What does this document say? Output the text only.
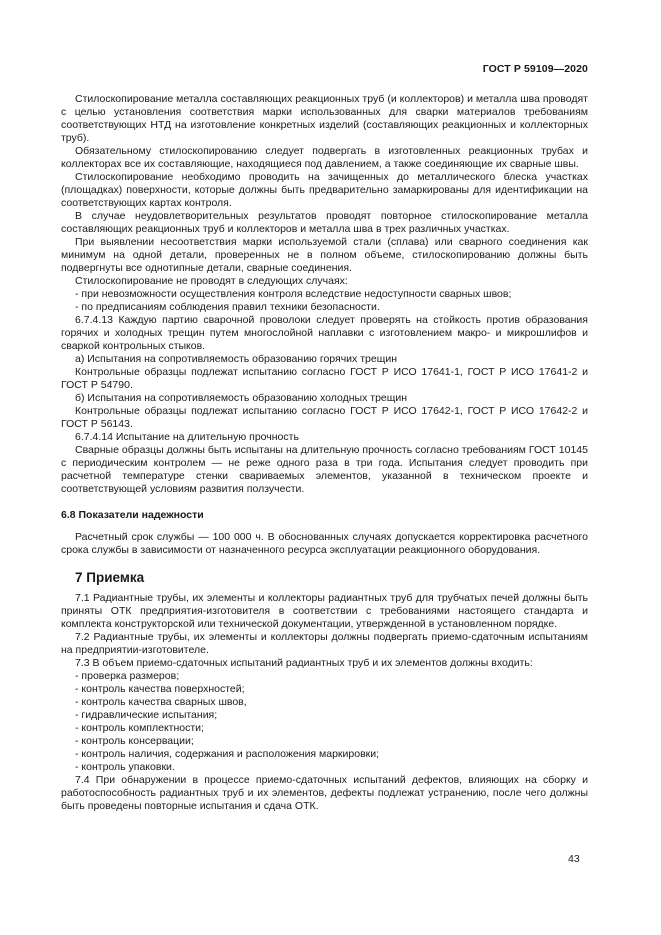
ГОСТ Р 59109—2020

Стилоскопирование металла составляющих реакционных труб (и коллекторов) и металла шва проводят с целью установления соответствия марки использованных для сварки материалов требованиям соответствующих НТД на изготовление конкретных изделий (составляющих реакционных и коллекторных труб).

Обязательному стилоскопированию следует подвергать в изготовленных реакционных трубах и коллекторах все их составляющие, находящиеся под давлением, а также соединяющие их сварные швы.

Стилоскопирование необходимо проводить на зачищенных до металлического блеска участках (площадках) поверхности, которые должны быть предварительно замаркированы для идентификации на соответствующих картах контроля.

В случае неудовлетворительных результатов проводят повторное стилоскопирование металла составляющих реакционных труб и коллекторов и металла шва в трех различных участках.

При выявлении несоответствия марки используемой стали (сплава) или сварного соединения как минимум на одной детали, проверенных не в полном объеме, стилоскопированию должны быть подвергнуты все однотипные детали, сварные соединения.

Стилоскопирование не проводят в следующих случаях:

- при невозможности осуществления контроля вследствие недоступности сварных швов;

- по предписаниям соблюдения правил техники безопасности.

6.7.4.13 Каждую партию сварочной проволоки следует проверять на стойкость против образования горячих и холодных трещин путем многослойной наплавки с изготовлением макро- и микрошлифов и сваркой контрольных стыков.

а) Испытания на сопротивляемость образованию горячих трещин

Контрольные образцы подлежат испытанию согласно ГОСТ Р ИСО 17641-1, ГОСТ Р ИСО 17641-2 и ГОСТ Р 54790.

б) Испытания на сопротивляемость образованию холодных трещин

Контрольные образцы подлежат испытанию согласно ГОСТ Р ИСО 17642-1, ГОСТ Р ИСО 17642-2 и ГОСТ Р 56143.

6.7.4.14 Испытание на длительную прочность

Сварные образцы должны быть испытаны на длительную прочность согласно требованиям ГОСТ 10145 с периодическим контролем — не реже одного раза в три года. Испытания следует проводить при расчетной температуре стенки свариваемых элементов, указанной в техническом проекте и соответствующей условиям развития ползучести.

6.8 Показатели надежности

Расчетный срок службы — 100 000 ч. В обоснованных случаях допускается корректировка расчетного срока службы в зависимости от назначенного ресурса эксплуатации реакционного оборудования.

7 Приемка

7.1 Радиантные трубы, их элементы и коллекторы радиантных труб для трубчатых печей должны быть приняты ОТК предприятия-изготовителя в соответствии с требованиями настоящего стандарта и комплекта конструкторской или технической документации, утвержденной в установленном порядке.

7.2 Радиантные трубы, их элементы и коллекторы должны подвергать приемо-сдаточным испытаниям на предприятии-изготовителе.

7.3 В объем приемо-сдаточных испытаний радиантных труб и их элементов должны входить:

- проверка размеров;

- контроль качества поверхностей;

- контроль качества сварных швов,

- гидравлические испытания;

- контроль комплектности;

- контроль консервации;

- контроль наличия, содержания и расположения маркировки;

- контроль упаковки.

7.4 При обнаружении в процессе приемо-сдаточных испытаний дефектов, влияющих на сборку и работоспособность радиантных труб и их элементов, дефекты подлежат устранению, после чего должны быть проведены повторные испытания и сдача ОТК.

43
